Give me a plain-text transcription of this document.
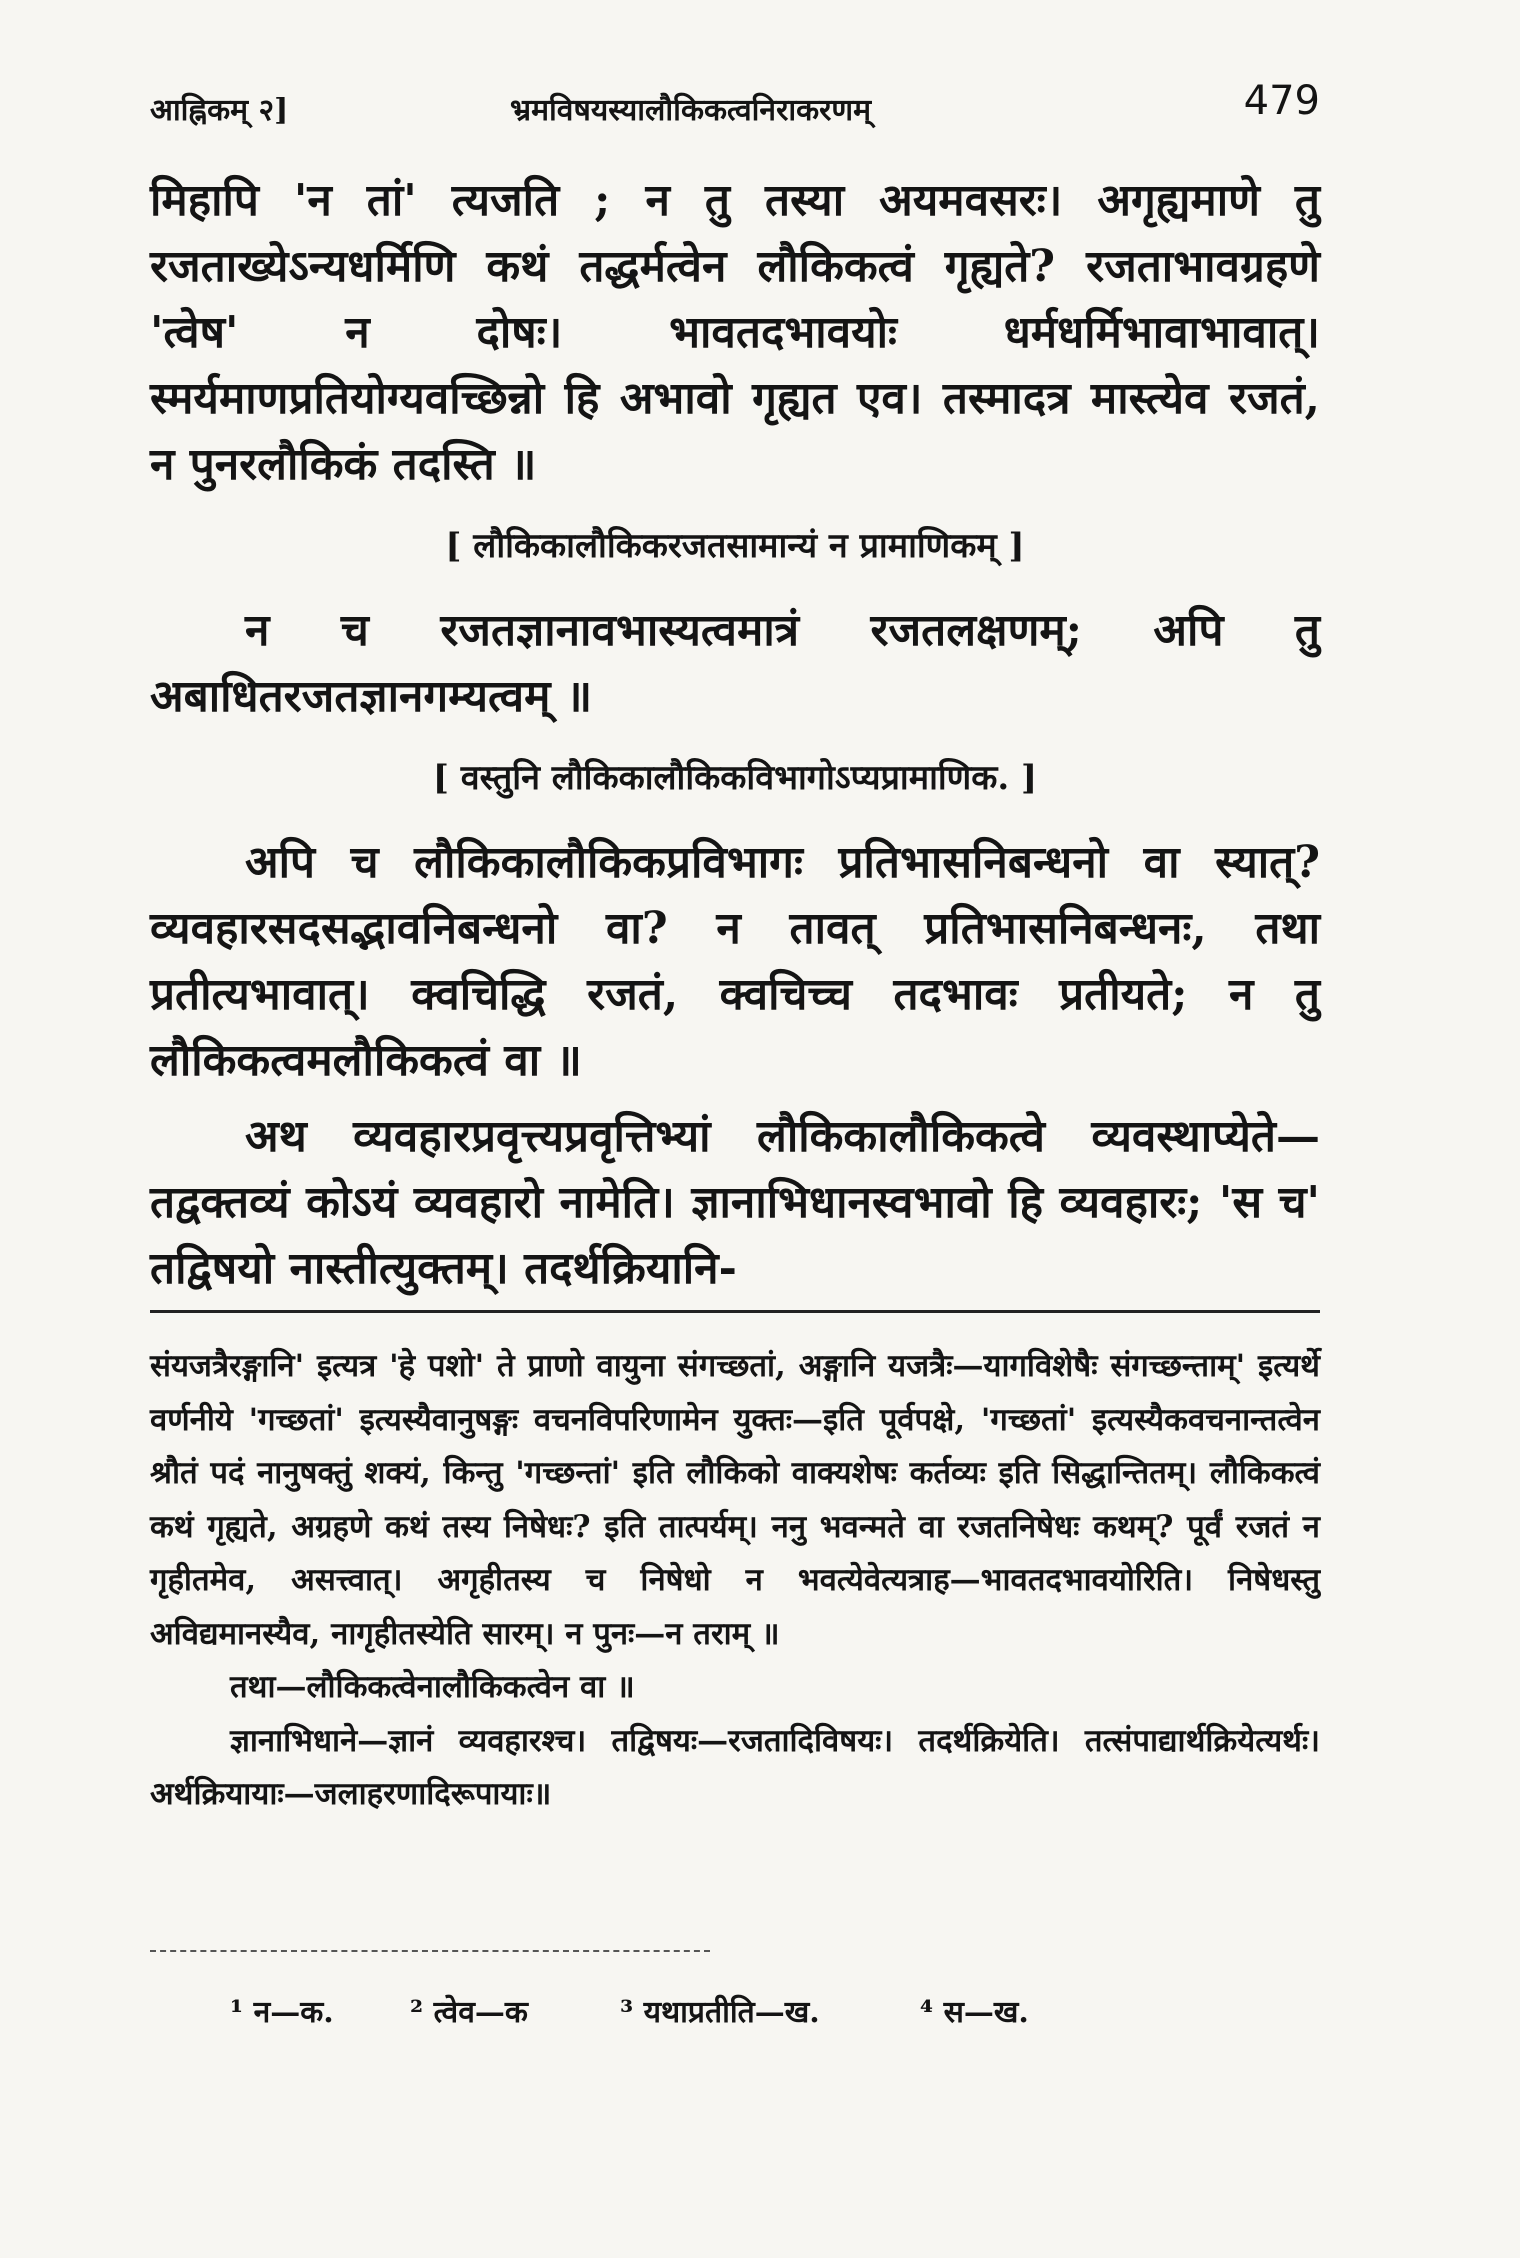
आह्निकम् २]	भ्रमविषयस्यालौकिकत्वनिराकरणम्	479

मिहापि 'न तां' त्यजति ; न तु तस्या अयमवसरः। अगृह्यमाणे तु रजताख्येऽन्यधर्मिणि कथं तद्धर्मत्वेन लौकिकत्वं गृह्यते? रजताभावग्रहणे 'त्वेष' न दोषः। भावतदभावयोः धर्मधर्मिभावाभावात्। स्मर्यमाणप्रतियोग्यवच्छिन्नो हि अभावो गृह्यत एव। तस्मादत्र मास्त्येव रजतं, न पुनरलौकिकं तदस्ति ॥

[ लौकिकालौकिकरजतसामान्यं न प्रामाणिकम् ]

न च रजतज्ञानावभास्यत्वमात्रं रजतलक्षणम्; अपि तु अबाधितरजतज्ञानगम्यत्वम् ॥

[ वस्तुनि लौकिकालौकिकविभागोऽप्यप्रामाणिक. ]

अपि च लौकिकालौकिकप्रविभागः प्रतिभासनिबन्धनो वा स्यात्? व्यवहारसदसद्भावनिबन्धनो वा? न तावत् प्रतिभासनिबन्धनः, तथा प्रतीत्यभावात्। क्वचिद्धि रजतं, क्वचिच्च तदभावः प्रतीयते; न तु लौकिकत्वमलौकिकत्वं वा ॥

अथ व्यवहारप्रवृत्त्यप्रवृत्तिभ्यां लौकिकालौकिकत्वे व्यवस्थाप्येते—तद्वक्तव्यं कोऽयं व्यवहारो नामेति। ज्ञानाभिधानस्वभावो हि व्यवहारः; 'स च' तद्विषयो नास्तीत्युक्तम्। तदर्थक्रियानि-

संयजत्रैरङ्गानि' इत्यत्र 'हे पशो' ते प्राणो वायुना संगच्छतां, अङ्गानि यजत्रैः—यागविशेषैः संगच्छन्ताम्' इत्यर्थे वर्णनीये 'गच्छतां' इत्यस्यैवानुषङ्गः वचनविपरिणामेन युक्तः—इति पूर्वपक्षे, 'गच्छतां' इत्यस्यैकवचनान्तत्वेन श्रौतं पदं नानुषक्तुं शक्यं, किन्तु 'गच्छन्तां' इति लौकिको वाक्यशेषः कर्तव्यः इति सिद्धान्तितम्। लौकिकत्वं कथं गृह्यते, अग्रहणे कथं तस्य निषेधः? इति तात्पर्यम्। ननु भवन्मते वा रजतनिषेधः कथम्? पूर्वं रजतं न गृहीतमेव, असत्त्वात्। अगृहीतस्य च निषेधो न भवत्येवेत्यत्राह—भावतदभावयोरिति। निषेधस्तु अविद्यमानस्यैव, नागृहीतस्येति सारम्। न पुनः—न तराम् ॥

तथा—लौकिकत्वेनालौकिकत्वेन वा ॥

ज्ञानाभिधाने—ज्ञानं व्यवहारश्च। तद्विषयः—रजतादिविषयः। तदर्थक्रियेति। तत्संपाद्यार्थक्रियेत्यर्थः। अर्थक्रियायाः—जलाहरणादिरूपायाः॥

¹ न—क.	² त्वेव—क	³ यथाप्रतीति—ख.	⁴ स—ख.
